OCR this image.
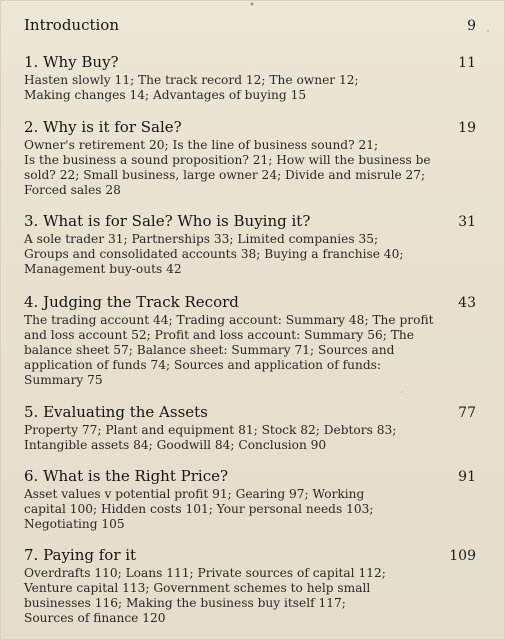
Introduction	9
1. Why Buy?	11
Hasten slowly 11; The track record 12; The owner 12;
Making changes 14; Advantages of buying 15
2. Why is it for Sale?	19
Owner's retirement 20; Is the line of business sound? 21;
Is the business a sound proposition? 21; How will the business be
sold? 22; Small business, large owner 24; Divide and misrule 27;
Forced sales 28
3. What is for Sale? Who is Buying it?	31
A sole trader 31; Partnerships 33; Limited companies 35;
Groups and consolidated accounts 38; Buying a franchise 40;
Management buy-outs 42
4. Judging the Track Record	43
The trading account 44; Trading account: Summary 48; The profit
and loss account 52; Profit and loss account: Summary 56; The
balance sheet 57; Balance sheet: Summary 71; Sources and
application of funds 74; Sources and application of funds:
Summary 75
5. Evaluating the Assets	77
Property 77; Plant and equipment 81; Stock 82; Debtors 83;
Intangible assets 84; Goodwill 84; Conclusion 90
6. What is the Right Price?	91
Asset values v potential profit 91; Gearing 97; Working
capital 100; Hidden costs 101; Your personal needs 103;
Negotiating 105
7. Paying for it	109
Overdrafts 110; Loans 111; Private sources of capital 112;
Venture capital 113; Government schemes to help small
businesses 116; Making the business buy itself 117;
Sources of finance 120
